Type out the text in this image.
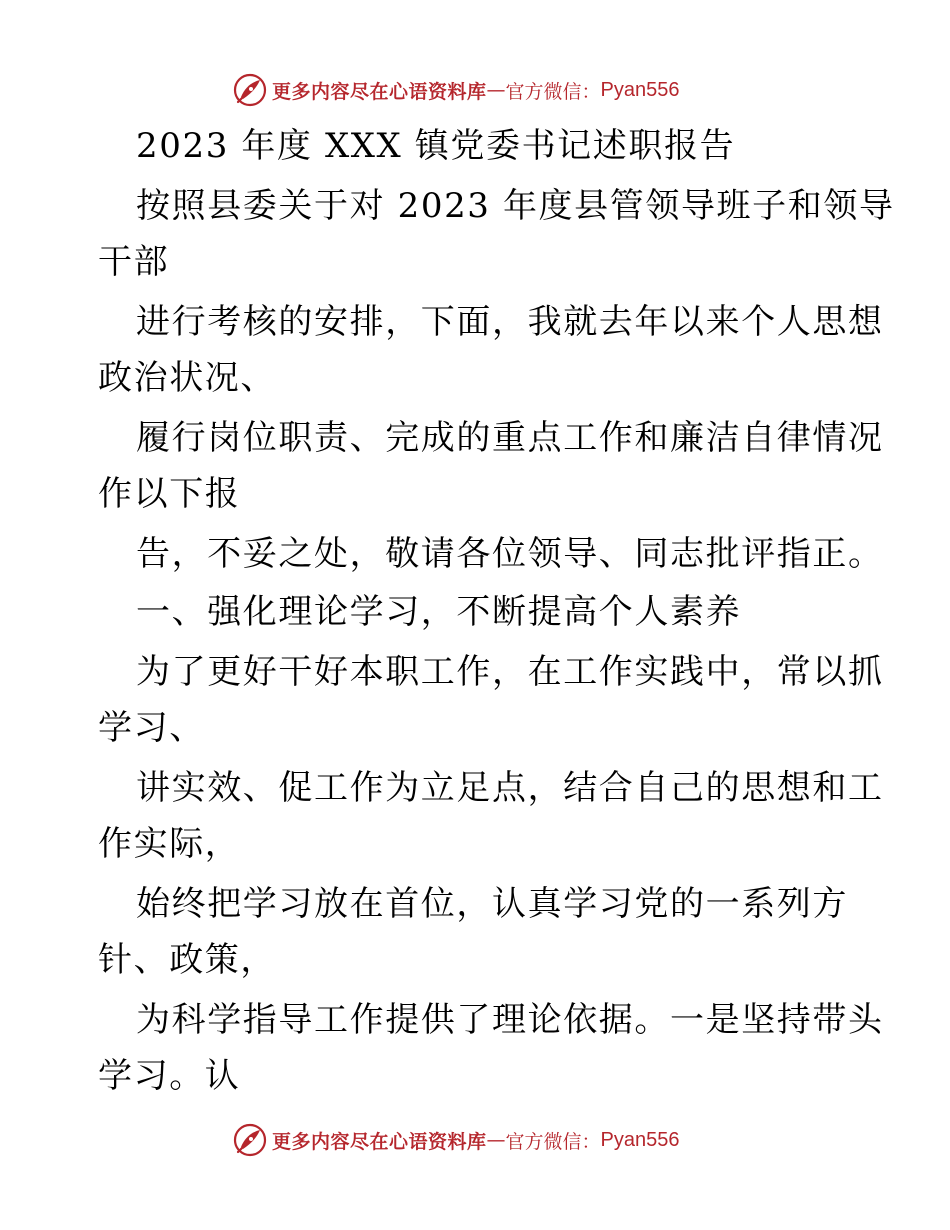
更多内容尽在心语资料库 — 官方微信： Pyan556
2023 年度 XXX 镇党委书记述职报告
按照县委关于对 2023 年度县管领导班子和领导
干部
进行考核的安排，下面，我就去年以来个人思想
政治状况、
履行岗位职责、完成的重点工作和廉洁自律情况
作以下报
告，不妥之处，敬请各位领导、同志批评指正。
一、强化理论学习，不断提高个人素养
为了更好干好本职工作，在工作实践中，常以抓
学习、
讲实效、促工作为立足点，结合自己的思想和工
作实际，
始终把学习放在首位，认真学习党的一系列方
针、政策，
为科学指导工作提供了理论依据。一是坚持带头
学习。认
更多内容尽在心语资料库 — 官方微信： Pyan556
